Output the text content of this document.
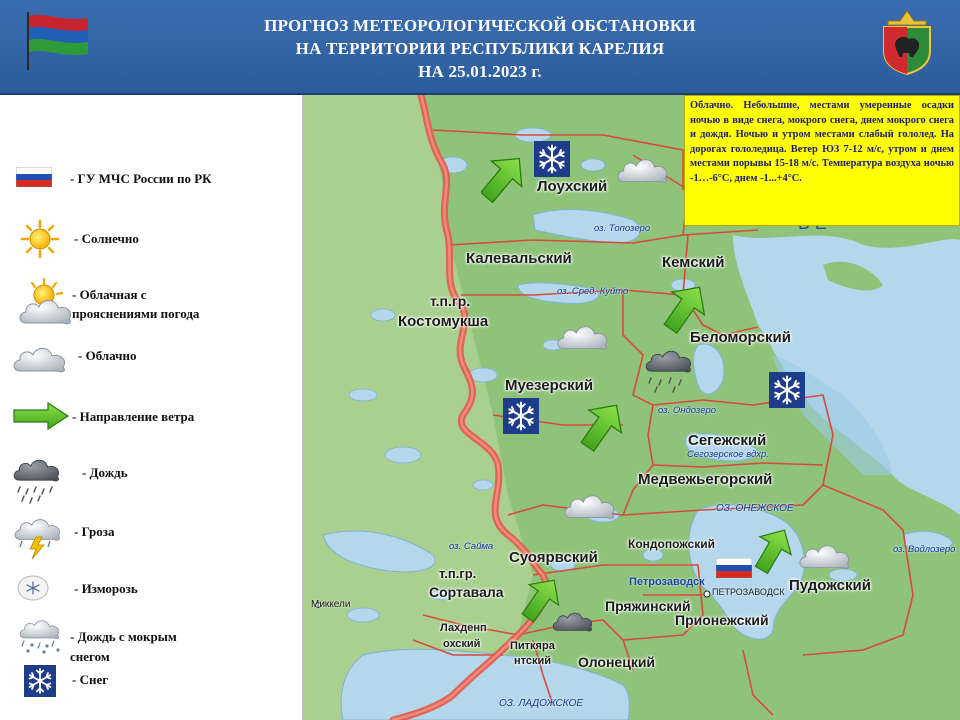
ПРОГНОЗ МЕТЕОРОЛОГИЧЕСКОЙ ОБСТАНОВКИ
НА ТЕРРИТОРИИ РЕСПУБЛИКИ КАРЕЛИЯ
НА 25.01.2023 г.
- ГУ МЧС России по РК
- Солнечно
- Облачная с
прояснениями погода
- Облачно
- Направление ветра
- Дождь
- Гроза
- Изморозь
- Дождь с мокрым
снегом
- Снег
Лоухский
Калевальский	Кемский
т.п.гр.
Костомукша
Беломорский
Муезерский
Сегежский
Медвежьегорский
Кондопожский
Суоярвский
т.п.гр.
Сортавала	Пудожский
Пряжинский
Прионежский
Лахденп
охский	Питкяра
нтский Олонецкий
оз. Топозеро
оз. Сред. Куйто
оз. Ондозеро
Сегозерское вдхр.
ОЗ. ОНЕЖСКОЕ
оз. Сайма	оз. Водлозеро
ОЗ. ЛАДОЖСКОЕ
Петрозаводск
ПЕТРОЗАВОДСК
Миккели
Облачно. Небольшие, местами умеренные осадки ночью в виде снега, мокрого снега, днем мокрого снега и дождя. Ночью и утром местами слабый гололед. На дорогах гололедица. Ветер ЮЗ 7-12 м/с, утром и днем местами порывы 15-18 м/с. Температура воздуха ночью -1…-6°С, днем -1...+4°С.
